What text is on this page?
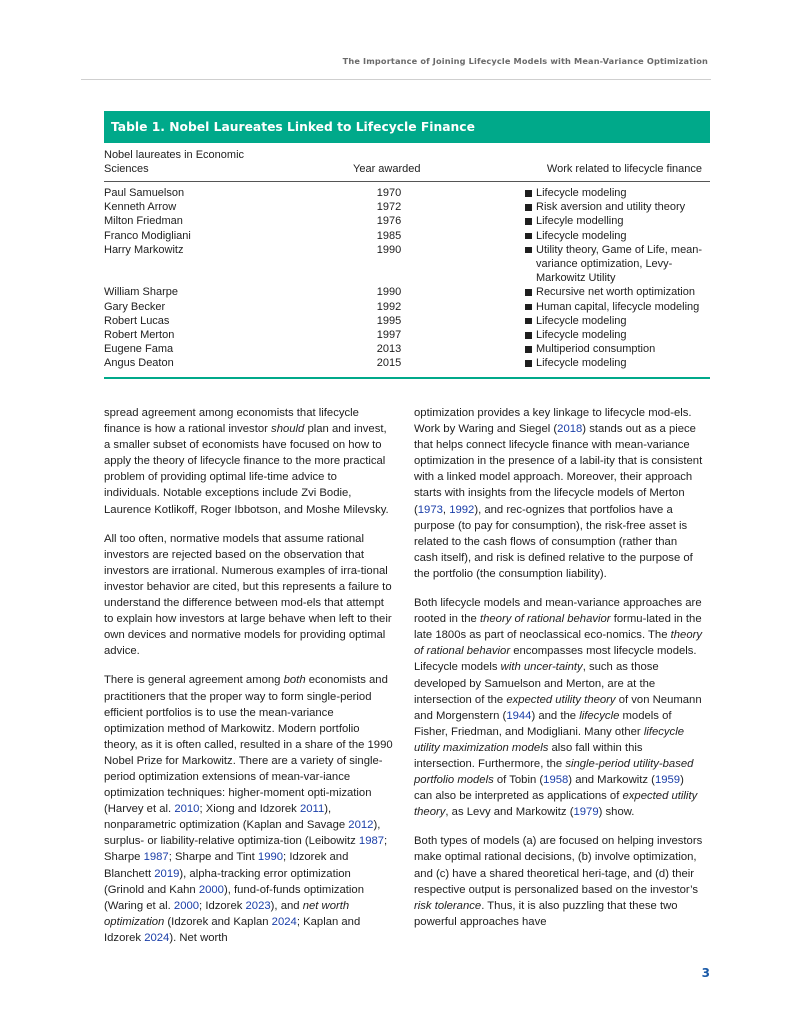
The Importance of Joining Lifecycle Models with Mean-Variance Optimization
Table 1. Nobel Laureates Linked to Lifecycle Finance
Nobel laureates in Economic Sciences	Year awarded	Work related to lifecycle finance
Paul Samuelson	1970	Lifecycle modeling
Kenneth Arrow	1972	Risk aversion and utility theory
Milton Friedman	1976	Lifecyle modelling
Franco Modigliani	1985	Lifecycle modeling
Harry Markowitz	1990	Utility theory, Game of Life, mean-variance optimization, Levy-Markowitz Utility
William Sharpe	1990	Recursive net worth optimization
Gary Becker	1992	Human capital, lifecycle modeling
Robert Lucas	1995	Lifecycle modeling
Robert Merton	1997	Lifecycle modeling
Eugene Fama	2013	Multiperiod consumption
Angus Deaton	2015	Lifecycle modeling

spread agreement among economists that lifecycle finance is how a rational investor should plan and invest, a smaller subset of economists have focused on how to apply the theory of lifecycle finance to the more practical problem of providing optimal life-time advice to individuals. Notable exceptions include Zvi Bodie, Laurence Kotlikoff, Roger Ibbotson, and Moshe Milevsky.

All too often, normative models that assume rational investors are rejected based on the observation that investors are irrational. Numerous examples of irra-tional investor behavior are cited, but this represents a failure to understand the difference between mod-els that attempt to explain how investors at large behave when left to their own devices and normative models for providing optimal advice.

There is general agreement among both economists and practitioners that the proper way to form single-period efficient portfolios is to use the mean-variance optimization method of Markowitz. Modern portfolio theory, as it is often called, resulted in a share of the 1990 Nobel Prize for Markowitz. There are a variety of single-period optimization extensions of mean-var-iance optimization techniques: higher-moment opti-mization (Harvey et al. 2010; Xiong and Idzorek 2011), nonparametric optimization (Kaplan and Savage 2012), surplus- or liability-relative optimiza-tion (Leibowitz 1987; Sharpe 1987; Sharpe and Tint 1990; Idzorek and Blanchett 2019), alpha-tracking error optimization (Grinold and Kahn 2000), fund-of-funds optimization (Waring et al. 2000; Idzorek 2023), and net worth optimization (Idzorek and Kaplan 2024; Kaplan and Idzorek 2024). Net worth

optimization provides a key linkage to lifecycle mod-els. Work by Waring and Siegel (2018) stands out as a piece that helps connect lifecycle finance with mean-variance optimization in the presence of a labil-ity that is consistent with a linked model approach. Moreover, their approach starts with insights from the lifecycle models of Merton (1973, 1992), and rec-ognizes that portfolios have a purpose (to pay for consumption), the risk-free asset is related to the cash flows of consumption (rather than cash itself), and risk is defined relative to the purpose of the portfolio (the consumption liability).

Both lifecycle models and mean-variance approaches are rooted in the theory of rational behavior formu-lated in the late 1800s as part of neoclassical eco-nomics. The theory of rational behavior encompasses most lifecycle models. Lifecycle models with uncer-tainty, such as those developed by Samuelson and Merton, are at the intersection of the expected utility theory of von Neumann and Morgenstern (1944) and the lifecycle models of Fisher, Friedman, and Modigliani. Many other lifecycle utility maximization models also fall within this intersection. Furthermore, the single-period utility-based portfolio models of Tobin (1958) and Markowitz (1959) can also be interpreted as applications of expected utility theory, as Levy and Markowitz (1979) show.

Both types of models (a) are focused on helping investors make optimal rational decisions, (b) involve optimization, and (c) have a shared theoretical heri-tage, and (d) their respective output is personalized based on the investor’s risk tolerance. Thus, it is also puzzling that these two powerful approaches have

3
